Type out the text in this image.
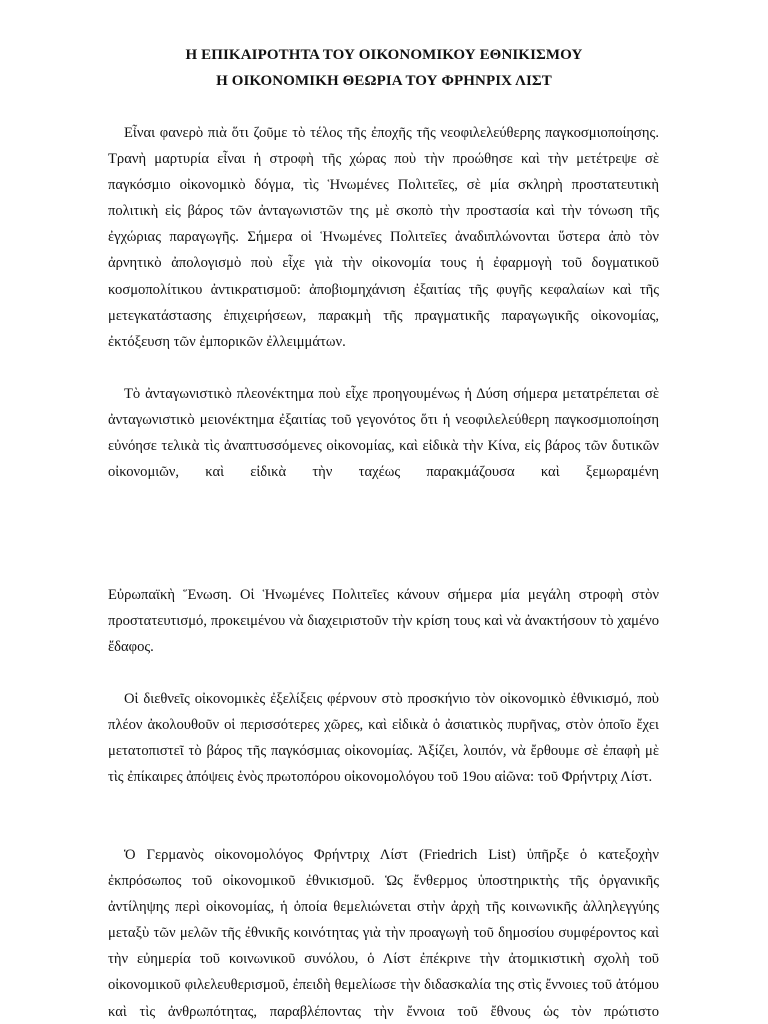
Η ΕΠΙΚΑΙΡΟΤΗΤΑ ΤΟΥ ΟΙΚΟΝΟΜΙΚΟΥ ΕΘΝΙΚΙΣΜΟΥ
Η ΟΙΚΟΝΟΜΙΚΗ ΘΕΩΡΙΑ ΤΟΥ ΦΡΗΝΡΙΧ ΛΙΣΤ

Εἶναι φανερὸ πιὰ ὅτι ζοῦμε τὸ τέλος τῆς ἐποχῆς τῆς νεοφιλελεύθερης παγκοσμιοποίησης. Τρανὴ μαρτυρία εἶναι ἡ στροφὴ τῆς χώρας ποὺ τὴν προώθησε καὶ τὴν μετέτρεψε σὲ παγκόσμιο οἰκονομικὸ δόγμα, τὶς Ἡνωμένες Πολιτεῖες, σὲ μία σκληρὴ προστατευτικὴ πολιτικὴ εἰς βάρος τῶν ἀνταγωνιστῶν της μὲ σκοπὸ τὴν προστασία καὶ τὴν τόνωση τῆς ἐγχώριας παραγωγῆς. Σήμερα οἱ Ἡνωμένες Πολιτεῖες ἀναδιπλώνονται ὕστερα ἀπὸ τὸν ἀρνητικὸ ἀπολογισμὸ ποὺ εἶχε γιὰ τὴν οἰκονομία τους ἡ ἐφαρμογὴ τοῦ δογματικοῦ κοσμοπολίτικου ἀντικρατισμοῦ: ἀποβιομηχάνιση ἐξαιτίας τῆς φυγῆς κεφαλαίων καὶ τῆς μετεγκατάστασης ἐπιχειρήσεων, παρακμὴ τῆς πραγματικῆς παραγωγικῆς οἰκονομίας, ἐκτόξευση τῶν ἐμπορικῶν ἐλλειμμάτων.

Τὸ ἀνταγωνιστικὸ πλεονέκτημα ποὺ εἶχε προηγουμένως ἡ Δύση σήμερα μετατρέπεται σὲ ἀνταγωνιστικὸ μειονέκτημα ἐξαιτίας τοῦ γεγονότος ὅτι ἡ νεοφιλελεύθερη παγκοσμιοποίηση εὐνόησε τελικὰ τὶς ἀναπτυσσόμενες οἰκονομίας, καὶ εἰδικὰ τὴν Κίνα, εἰς βάρος τῶν δυτικῶν οἰκονομιῶν, καὶ εἰδικὰ τὴν ταχέως παρακμάζουσα καὶ ξεμωραμένη

Εὐρωπαϊκὴ Ἕνωση. Οἱ Ἡνωμένες Πολιτεῖες κάνουν σήμερα μία μεγάλη στροφὴ στὸν προστατευτισμό, προκειμένου νὰ διαχειριστοῦν τὴν κρίση τους καὶ νὰ ἀνακτήσουν τὸ χαμένο ἔδαφος.

Οἱ διεθνεῖς οἰκονομικὲς ἐξελίξεις φέρνουν στὸ προσκήνιο τὸν οἰκονομικὸ ἐθνικισμό, ποὺ πλέον ἀκολουθοῦν οἱ περισσότερες χῶρες, καὶ εἰδικὰ ὁ ἀσιατικὸς πυρῆνας, στὸν ὁποῖο ἔχει μετατοπιστεῖ τὸ βάρος τῆς παγκόσμιας οἰκονομίας. Ἀξίζει, λοιπόν, νὰ ἔρθουμε σὲ ἐπαφὴ μὲ τὶς ἐπίκαιρες ἀπόψεις ἑνὸς πρωτοπόρου οἰκονομολόγου τοῦ 19ου αἰῶνα: τοῦ Φρήντριχ Λίστ.

Ὁ Γερμανὸς οἰκονομολόγος Φρήντριχ Λίστ (Friedrich List) ὑπῆρξε ὁ κατεξοχὴν ἐκπρόσωπος τοῦ οἰκονομικοῦ ἐθνικισμοῦ. Ὡς ἔνθερμος ὑποστηρικτὴς τῆς ὀργανικῆς ἀντίληψης περὶ οἰκονομίας, ἡ ὁποία θεμελιώνεται στὴν ἀρχὴ τῆς κοινωνικῆς ἀλληλεγγύης μεταξὺ τῶν μελῶν τῆς ἐθνικῆς κοινότητας γιὰ τὴν προαγωγὴ τοῦ δημοσίου συμφέροντος καὶ τὴν εὐημερία τοῦ κοινωνικοῦ συνόλου, ὁ Λίστ ἐπέκρινε τὴν ἀτομικιστικὴ σχολὴ τοῦ οἰκονομικοῦ φιλελευθερισμοῦ, ἐπειδὴ θεμελίωσε τὴν διδασκαλία της στὶς ἔννοιες τοῦ ἀτόμου καὶ τὶς ἀνθρωπότητας, παραβλέποντας τὴν ἔννοια τοῦ ἔθνους ὡς τὸν πρώτιστο
